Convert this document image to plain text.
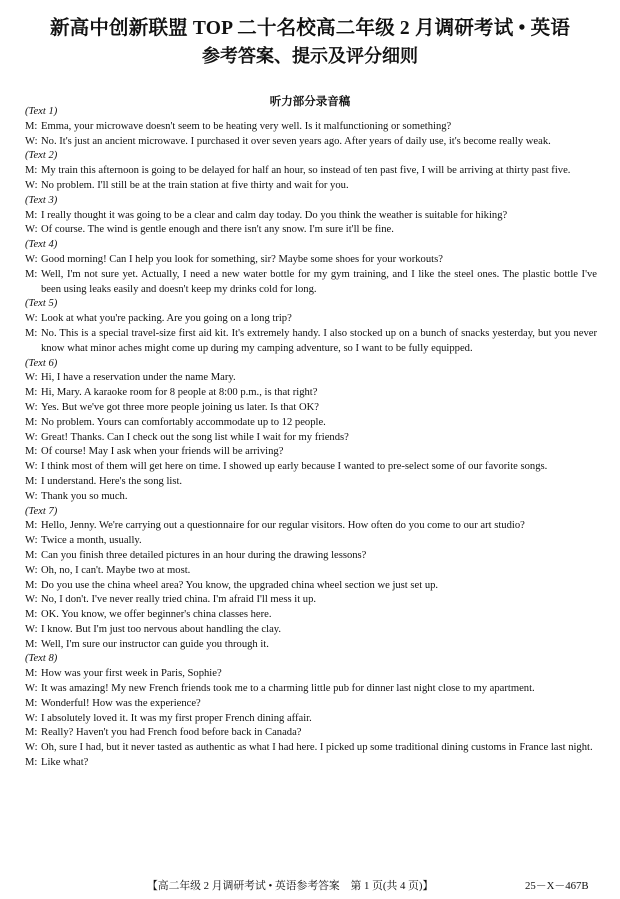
新高中创新联盟 TOP 二十名校高二年级 2 月调研考试 • 英语
参考答案、提示及评分细则
听力部分录音稿
(Text 1)
M: Emma, your microwave doesn't seem to be heating very well. Is it malfunctioning or something?
W: No. It's just an ancient microwave. I purchased it over seven years ago. After years of daily use, it's become really weak.
(Text 2)
M: My train this afternoon is going to be delayed for half an hour, so instead of ten past five, I will be arriving at thirty past five.
W: No problem. I'll still be at the train station at five thirty and wait for you.
(Text 3)
M: I really thought it was going to be a clear and calm day today. Do you think the weather is suitable for hiking?
W: Of course. The wind is gentle enough and there isn't any snow. I'm sure it'll be fine.
(Text 4)
W: Good morning! Can I help you look for something, sir? Maybe some shoes for your workouts?
M: Well, I'm not sure yet. Actually, I need a new water bottle for my gym training, and I like the steel ones. The plastic bottle I've been using leaks easily and doesn't keep my drinks cold for long.
(Text 5)
W: Look at what you're packing. Are you going on a long trip?
M: No. This is a special travel-size first aid kit. It's extremely handy. I also stocked up on a bunch of snacks yesterday, but you never know what minor aches might come up during my camping adventure, so I want to be fully equipped.
(Text 6)
W: Hi, I have a reservation under the name Mary.
M: Hi, Mary. A karaoke room for 8 people at 8:00 p.m., is that right?
W: Yes. But we've got three more people joining us later. Is that OK?
M: No problem. Yours can comfortably accommodate up to 12 people.
W: Great! Thanks. Can I check out the song list while I wait for my friends?
M: Of course! May I ask when your friends will be arriving?
W: I think most of them will get here on time. I showed up early because I wanted to pre-select some of our favorite songs.
M: I understand. Here's the song list.
W: Thank you so much.
(Text 7)
M: Hello, Jenny. We're carrying out a questionnaire for our regular visitors. How often do you come to our art studio?
W: Twice a month, usually.
M: Can you finish three detailed pictures in an hour during the drawing lessons?
W: Oh, no, I can't. Maybe two at most.
M: Do you use the china wheel area? You know, the upgraded china wheel section we just set up.
W: No, I don't. I've never really tried china. I'm afraid I'll mess it up.
M: OK. You know, we offer beginner's china classes here.
W: I know. But I'm just too nervous about handling the clay.
M: Well, I'm sure our instructor can guide you through it.
(Text 8)
M: How was your first week in Paris, Sophie?
W: It was amazing! My new French friends took me to a charming little pub for dinner last night close to my apartment.
M: Wonderful! How was the experience?
W: I absolutely loved it. It was my first proper French dining affair.
M: Really? Haven't you had French food before back in Canada?
W: Oh, sure I had, but it never tasted as authentic as what I had here. I picked up some traditional dining customs in France last night.
M: Like what?
【高二年级 2 月调研考试 • 英语参考答案　第 1 页(共 4 页)】	25－X－467B
